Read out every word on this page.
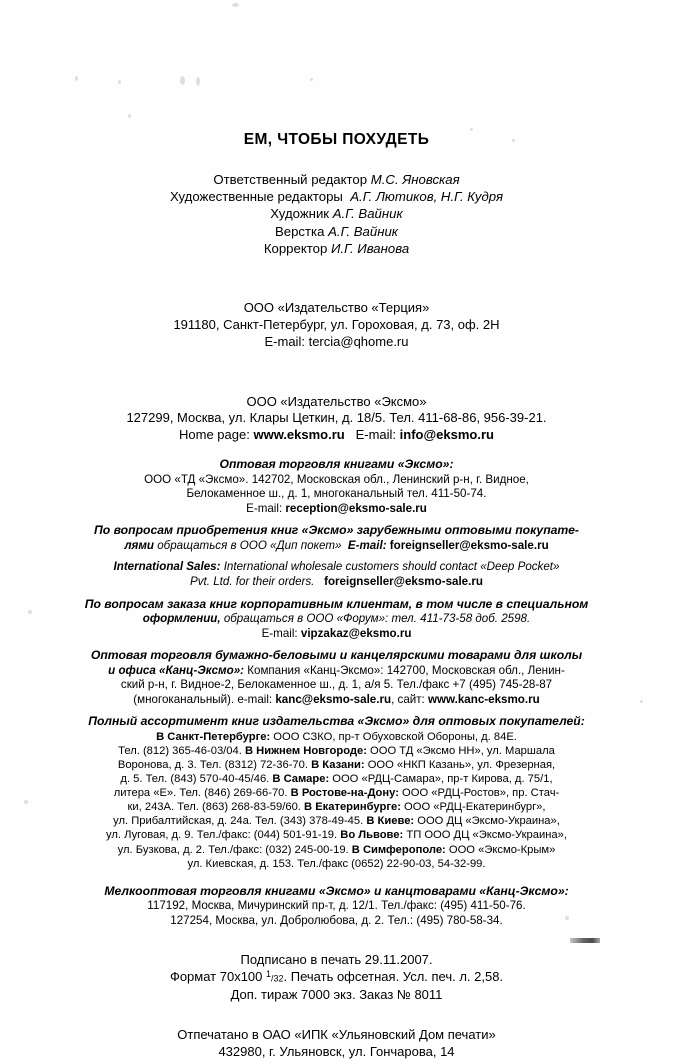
ЕМ, ЧТОБЫ ПОХУДЕТЬ
Ответственный редактор М.С. Яновская
Художественные редакторы А.Г. Лютиков, Н.Г. Кудря
Художник А.Г. Вайник
Верстка А.Г. Вайник
Корректор И.Г. Иванова
ООО «Издательство «Терция»
191180, Санкт-Петербург, ул. Гороховая, д. 73, оф. 2Н
E-mail: tercia@qhome.ru
ООО «Издательство «Эксмо»
127299, Москва, ул. Клары Цеткин, д. 18/5. Тел. 411-68-86, 956-39-21.
Home page: www.eksmo.ru E-mail: info@eksmo.ru
Оптовая торговля книгами «Эксмо»:
ООО «ТД «Эксмо». 142702, Московская обл., Ленинский р-н, г. Видное,
Белокаменное ш., д. 1, многоканальный тел. 411-50-74.
E-mail: reception@eksmo-sale.ru
По вопросам приобретения книг «Эксмо» зарубежными оптовыми покупате-
лями обращаться в ООО «Дип покет» E-mail: foreignseller@eksmo-sale.ru
International Sales: International wholesale customers should contact «Deep Pocket»
Pvt. Ltd. for their orders. foreignseller@eksmo-sale.ru
По вопросам заказа книг корпоративным клиентам, в том числе в специальном
оформлении, обращаться в ООО «Форум»: тел. 411-73-58 доб. 2598.
E-mail: vipzakaz@eksmo.ru
Оптовая торговля бумажно-беловыми и канцелярскими товарами для школы
и офиса «Канц-Эксмо»: Компания «Канц-Эксмо»: 142700, Московская обл., Ленин-
ский р-н, г. Видное-2, Белокаменное ш., д. 1, а/я 5. Тел./факс +7 (495) 745-28-87
(многоканальный). e-mail: kanc@eksmo-sale.ru, сайт: www.kanc-eksmo.ru
Полный ассортимент книг издательства «Эксмо» для оптовых покупателей:
В Санкт-Петербурге: ООО СЗКО, пр-т Обуховской Обороны, д. 84Е.
Тел. (812) 365-46-03/04. В Нижнем Новгороде: ООО ТД «Эксмо НН», ул. Маршала
Воронова, д. 3. Тел. (8312) 72-36-70. В Казани: ООО «НКП Казань», ул. Фрезерная,
д. 5. Тел. (843) 570-40-45/46. В Самаре: ООО «РДЦ-Самара», пр-т Кирова, д. 75/1,
литера «Е». Тел. (846) 269-66-70. В Ростове-на-Дону: ООО «РДЦ-Ростов», пр. Стач-
ки, 243А. Тел. (863) 268-83-59/60. В Екатеринбурге: ООО «РДЦ-Екатеринбург»,
ул. Прибалтийская, д. 24а. Тел. (343) 378-49-45. В Киеве: ООО ДЦ «Эксмо-Украина»,
ул. Луговая, д. 9. Тел./факс: (044) 501-91-19. Во Львове: ТП ООО ДЦ «Эксмо-Украина»,
ул. Бузкова, д. 2. Тел./факс: (032) 245-00-19. В Симферополе: ООО «Эксмо-Крым»
ул. Киевская, д. 153. Тел./факс (0652) 22-90-03, 54-32-99.
Мелкооптовая торговля книгами «Эксмо» и канцтоварами «Канц-Эксмо»:
117192, Москва, Мичуринский пр-т, д. 12/1. Тел./факс: (495) 411-50-76.
127254, Москва, ул. Добролюбова, д. 2. Тел.: (495) 780-58-34.
Подписано в печать 29.11.2007.
Формат 70х100 $^1$/32. Печать офсетная. Усл. печ. л. 2,58.
Доп. тираж 7000 экз. Заказ № 8011
Отпечатано в ОАО «ИПК «Ульяновский Дом печати»
432980, г. Ульяновск, ул. Гончарова, 14
